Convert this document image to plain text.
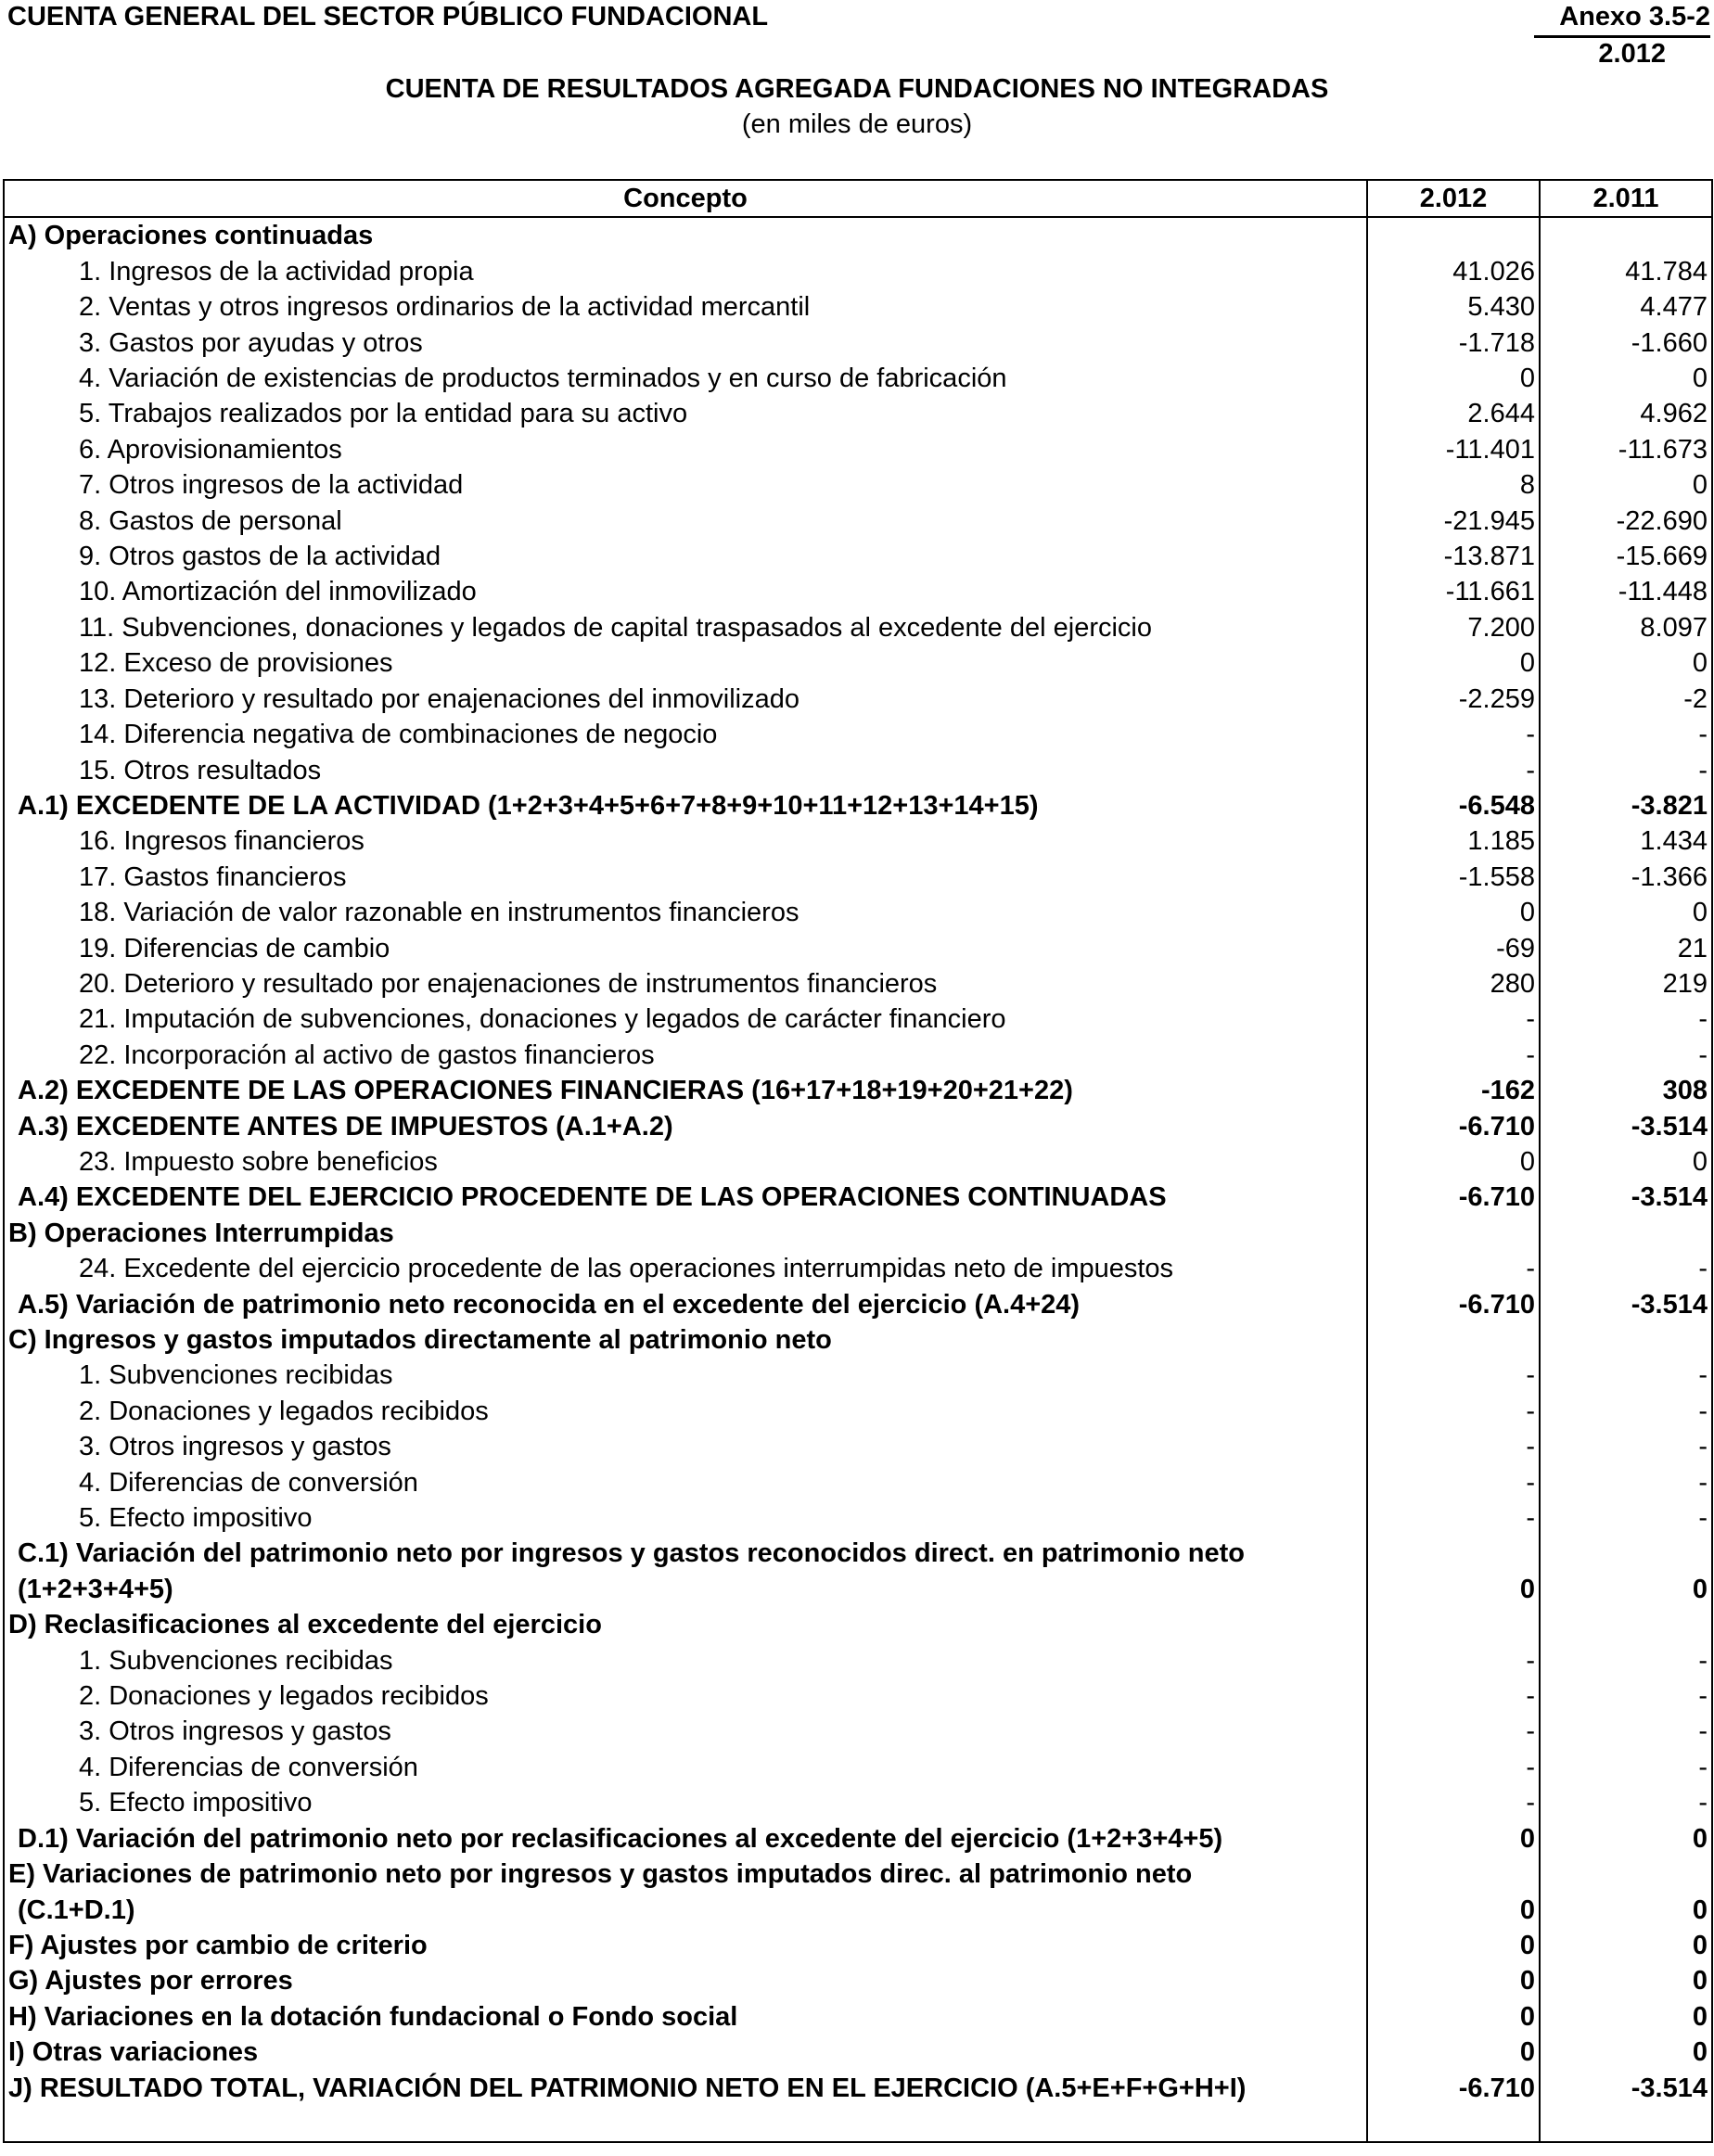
CUENTA GENERAL DEL SECTOR PÚBLICO FUNDACIONAL	Anexo 3.5-2
2.012
CUENTA DE RESULTADOS AGREGADA FUNDACIONES NO INTEGRADAS
(en miles de euros)
Concepto	2.012	2.011
A) Operaciones continuadas		
1. Ingresos de la actividad propia	41.026	41.784
2. Ventas y otros ingresos ordinarios de la actividad mercantil	5.430	4.477
3. Gastos por ayudas y otros	-1.718	-1.660
4. Variación de existencias de productos terminados y en curso de fabricación	0	0
5. Trabajos realizados por la entidad para su activo	2.644	4.962
6. Aprovisionamientos	-11.401	-11.673
7. Otros ingresos de la actividad	8	0
8. Gastos de personal	-21.945	-22.690
9. Otros gastos de la actividad	-13.871	-15.669
10. Amortización del inmovilizado	-11.661	-11.448
11. Subvenciones, donaciones y legados de capital traspasados al excedente del ejercicio	7.200	8.097
12. Exceso de provisiones	0	0
13. Deterioro y resultado por enajenaciones del inmovilizado	-2.259	-2
14. Diferencia negativa de combinaciones de negocio	-	-
15. Otros resultados	-	-
A.1) EXCEDENTE DE LA ACTIVIDAD (1+2+3+4+5+6+7+8+9+10+11+12+13+14+15)	-6.548	-3.821
16. Ingresos financieros	1.185	1.434
17. Gastos financieros	-1.558	-1.366
18. Variación de valor razonable en instrumentos financieros	0	0
19. Diferencias de cambio	-69	21
20. Deterioro y resultado por enajenaciones de instrumentos financieros	280	219
21. Imputación de subvenciones, donaciones y legados de carácter financiero	-	-
22. Incorporación al activo de gastos financieros	-	-
A.2) EXCEDENTE DE LAS OPERACIONES FINANCIERAS (16+17+18+19+20+21+22)	-162	308
A.3) EXCEDENTE ANTES DE IMPUESTOS (A.1+A.2)	-6.710	-3.514
23. Impuesto sobre beneficios	0	0
A.4) EXCEDENTE DEL EJERCICIO PROCEDENTE DE LAS OPERACIONES CONTINUADAS	-6.710	-3.514
B) Operaciones Interrumpidas		
24. Excedente del ejercicio procedente de las operaciones interrumpidas neto de impuestos	-	-
A.5) Variación de patrimonio neto reconocida en el excedente del ejercicio (A.4+24)	-6.710	-3.514
C) Ingresos y gastos imputados directamente al patrimonio neto		
1. Subvenciones recibidas	-	-
2. Donaciones y legados recibidos	-	-
3. Otros ingresos y gastos	-	-
4. Diferencias de conversión	-	-
5. Efecto impositivo	-	-
C.1) Variación del patrimonio neto por ingresos y gastos reconocidos direct. en patrimonio neto		
(1+2+3+4+5)	0	0
D) Reclasificaciones al excedente del ejercicio		
1. Subvenciones recibidas	-	-
2. Donaciones y legados recibidos	-	-
3. Otros ingresos y gastos	-	-
4. Diferencias de conversión	-	-
5. Efecto impositivo	-	-
D.1) Variación del patrimonio neto por reclasificaciones al excedente del ejercicio (1+2+3+4+5)	0	0
E) Variaciones de patrimonio neto por ingresos y gastos imputados direc. al patrimonio neto		
(C.1+D.1)	0	0
F) Ajustes por cambio de criterio	0	0
G) Ajustes por errores	0	0
H) Variaciones en la dotación fundacional o Fondo social	0	0
I) Otras variaciones	0	0
J) RESULTADO TOTAL, VARIACIÓN DEL PATRIMONIO NETO EN EL EJERCICIO (A.5+E+F+G+H+I)	-6.710	-3.514
